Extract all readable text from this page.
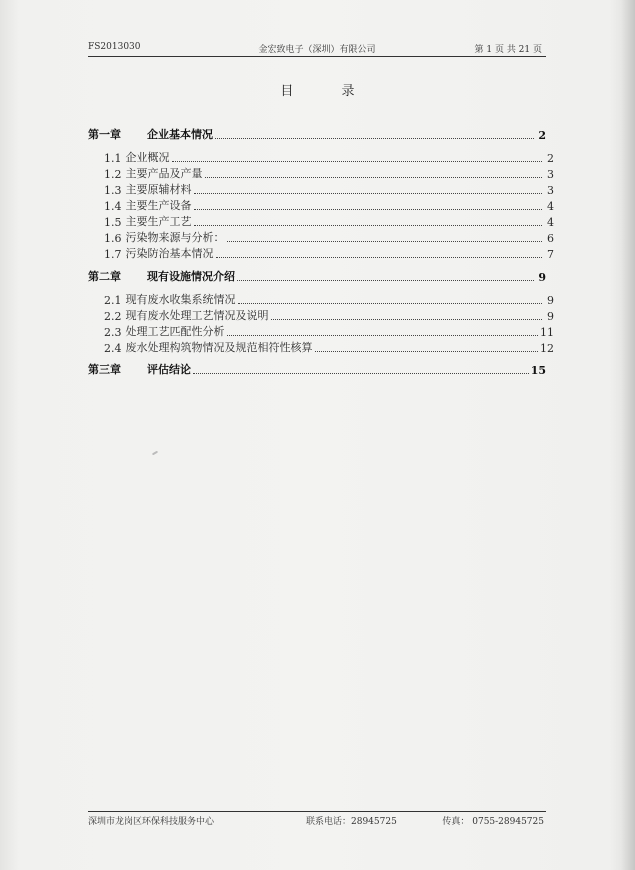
FS2013030	金宏致电子（深圳）有限公司	第 1 页 共 21 页
目 录
第一章 企业基本情况	2
1.1 企业概况	2
1.2 主要产品及产量	3
1.3 主要原辅材料	3
1.4 主要生产设备	4
1.5 主要生产工艺	4
1.6 污染物来源与分析：	6
1.7 污染防治基本情况	7
第二章 现有设施情况介绍	9
2.1 现有废水收集系统情况	9
2.2 现有废水处理工艺情况及说明	9
2.3 处理工艺匹配性分析	11
2.4 废水处理构筑物情况及规范相符性核算	12
第三章 评估结论	15
深圳市龙岗区环保科技服务中心	联系电话：28945725	传真： 0755-28945725
